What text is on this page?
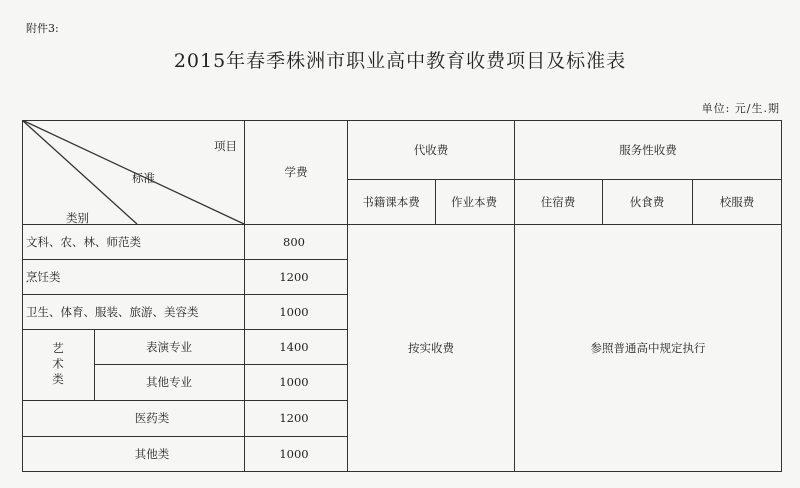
附件3:
2015年春季株洲市职业高中教育收费项目及标准表
单位: 元/生.期
项目
标准
类别
学费
代收费	服务性收费
书籍课本费	作业本费	住宿费	伙食费	校服费
文科、农、林、师范类	800
烹饪类	1200
卫生、体育、服装、旅游、美容类	1000
艺术类	表演专业	1400
其他专业	1000
医药类	1200
其他类	1000
按实收费	参照普通高中规定执行
